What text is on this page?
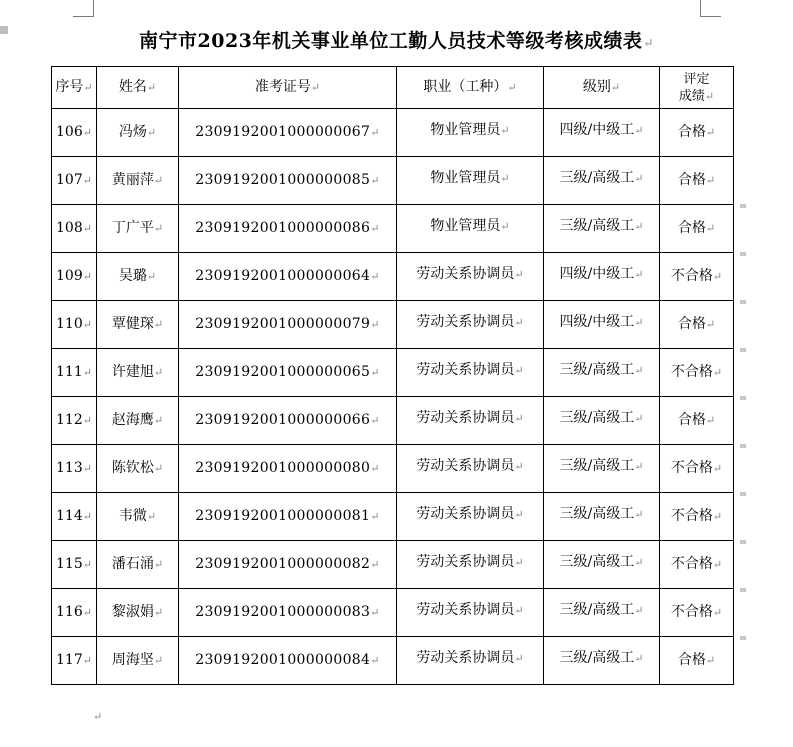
南宁市2023年机关事业单位工勤人员技术等级考核成绩表↵
序号↵	姓名↵	准考证号↵	职业（工种）↵	级别↵	评定
成绩↵
106↵	冯炀↵	2309192001000000067↵	物业管理员↵	四级/中级工↵	合格↵
107↵	黄丽萍↵	2309192001000000085↵	物业管理员↵	三级/高级工↵	合格↵
108↵	丁广平↵	2309192001000000086↵	物业管理员↵	三级/高级工↵	合格↵
109↵	吴璐↵	2309192001000000064↵	劳动关系协调员↵	四级/中级工↵	不合格↵
110↵	覃健琛↵	2309192001000000079↵	劳动关系协调员↵	四级/中级工↵	合格↵
111↵	许建旭↵	2309192001000000065↵	劳动关系协调员↵	三级/高级工↵	不合格↵
112↵	赵海鹰↵	2309192001000000066↵	劳动关系协调员↵	三级/高级工↵	合格↵
113↵	陈钦松↵	2309192001000000080↵	劳动关系协调员↵	三级/高级工↵	不合格↵
114↵	韦微↵	2309192001000000081↵	劳动关系协调员↵	三级/高级工↵	不合格↵
115↵	潘石涌↵	2309192001000000082↵	劳动关系协调员↵	三级/高级工↵	不合格↵
116↵	黎淑娟↵	2309192001000000083↵	劳动关系协调员↵	三级/高级工↵	不合格↵
117↵	周海坚↵	2309192001000000084↵	劳动关系协调员↵	三级/高级工↵	合格↵
↵
